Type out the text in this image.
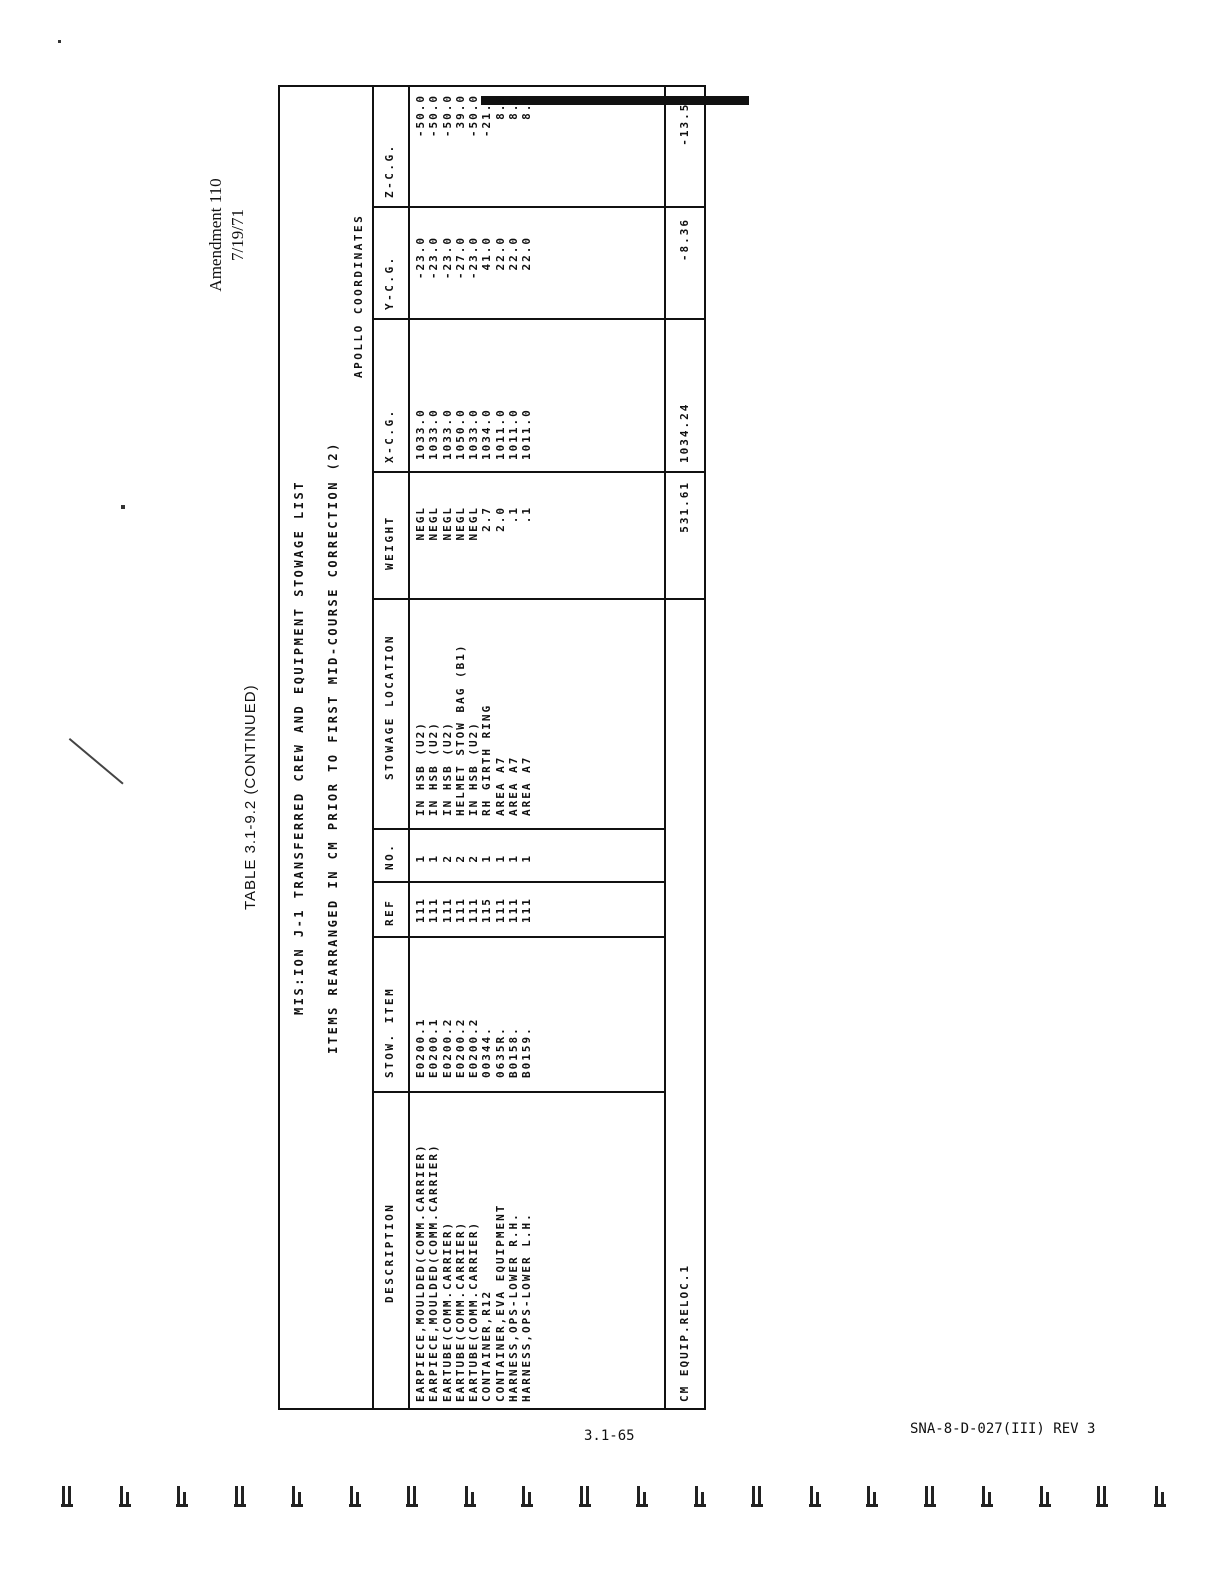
Amendment 110 7/19/71
TABLE 3.1-9.2 (CONTINUED)	MIS:ION J-1 TRANSFERRED CREW AND EQUIPMENT STOWAGE LIST ITEMS REARRANGED IN CM PRIOR TO FIRST MID-COURSE CORRECTION (2)
APOLLO COORDINATES
DESCRIPTION
STOW. ITEM
REF
NO.
STOWAGE LOCATION
WEIGHT
X-C.G.
Y-C.G.
Z-C.G.
EARPIECE,MOULDED(COMM.CARRIER) EARPIECE,MOULDED(COMM.CARRIER) EARTUBE(COMM.CARRIER) EARTUBE(COMM.CARRIER) EARTUBE(COMM.CARRIER) CONTAINER,R12 CONTAINER,EVA EQUIPMENT HARNESS,OPS-LOWER R.H. HARNESS,OPS-LOWER L.H.
E0200.1 E0200.1 E0200.2 E0200.2 E0200.2 00344. 0635R. B0158. B0159.
111 111 111 111 111 115 111 111 111
1 1 2 2 2 1 1 1 1
IN HSB (U2) IN HSB (U2) IN HSB (U2) HELMET STOW BAG (B1) IN HSB (U2) RH GIRTH RING AREA A7 AREA A7 AREA A7
NEGL NEGL NEGL NEGL NEGL 2.7 2.0 .1 .1
1033.0 1033.0 1033.0 1050.0 1033.0 1034.0 1011.0 1011.0 1011.0
-23.0 -23.0 -23.0 -27.0 -23.0 41.0 22.0 22.0 22.0
-50.0 -50.0 -50.0 39.0 -50.0 -21.0 8.0 8.0 8.0
CM EQUIP.RELOC.1
531.61
1034.24
-8.36
-13.59
3.1-65	SNA-8-D-027(III) REV 3
